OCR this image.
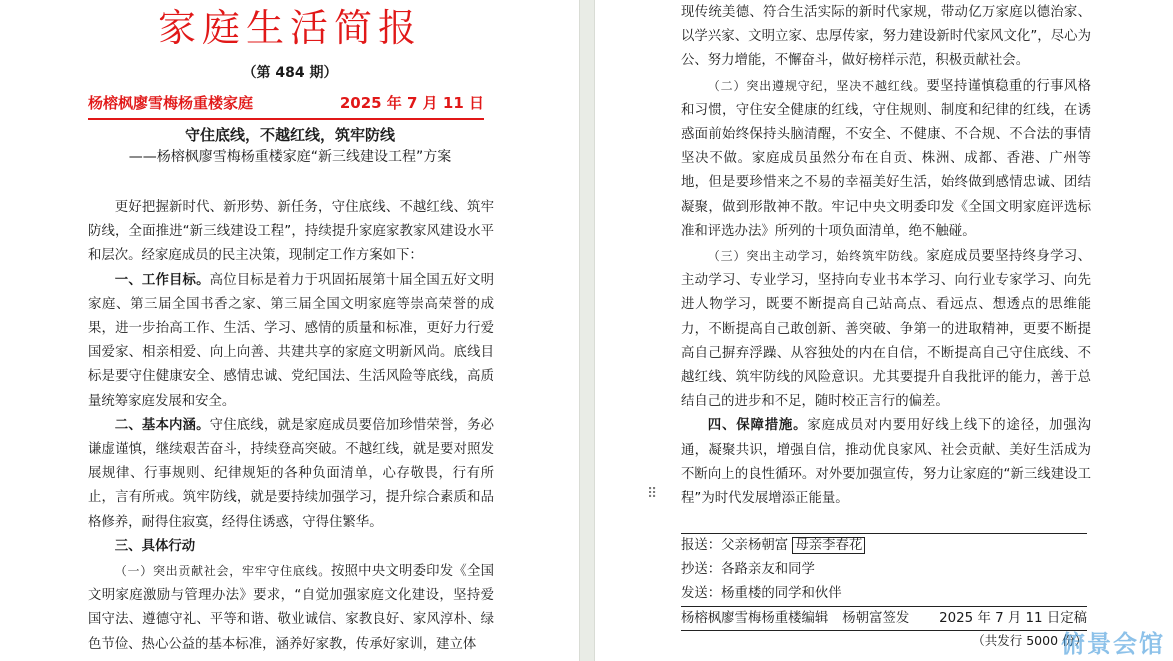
家庭生活简报
（第 484 期）
杨榕枫廖雪梅杨重楼家庭	2025 年 7 月 11 日
守住底线，不越红线，筑牢防线
——杨榕枫廖雪梅杨重楼家庭“新三线建设工程”方案

更好把握新时代、新形势、新任务，守住底线、不越红线、筑牢防线，全面推进“新三线建设工程”，持续提升家庭家教家风建设水平和层次。经家庭成员的民主决策，现制定工作方案如下：

一、工作目标。高位目标是着力于巩固拓展第十届全国五好文明家庭、第三届全国书香之家、第三届全国文明家庭等崇高荣誉的成果，进一步抬高工作、生活、学习、感情的质量和标准，更好力行爱国爱家、相亲相爱、向上向善、共建共享的家庭文明新风尚。底线目标是要守住健康安全、感情忠诚、党纪国法、生活风险等底线，高质量统筹家庭发展和安全。

二、基本内涵。守住底线，就是家庭成员要倍加珍惜荣誉，务必谦虚谨慎，继续艰苦奋斗，持续登高突破。不越红线，就是要对照发展规律、行事规则、纪律规矩的各种负面清单，心存敬畏，行有所止，言有所戒。筑牢防线，就是要持续加强学习，提升综合素质和品格修养，耐得住寂寞，经得住诱惑，守得住繁华。

三、具体行动

（一）突出贡献社会，牢牢守住底线。按照中央文明委印发《全国文明家庭激励与管理办法》要求，“自觉加强家庭文化建设，坚持爱国守法、遵德守礼、平等和谐、敬业诚信、家教良好、家风淳朴、绿色节俭、热心公益的基本标准，涵养好家教，传承好家训，建立体

现传统美德、符合生活实际的新时代家规，带动亿万家庭以德治家、以学兴家、文明立家、忠厚传家，努力建设新时代家风文化”，尽心为公、努力增能，不懈奋斗，做好榜样示范，积极贡献社会。

（二）突出遵规守纪，坚决不越红线。要坚持谨慎稳重的行事风格和习惯，守住安全健康的红线，守住规则、制度和纪律的红线，在诱惑面前始终保持头脑清醒，不安全、不健康、不合规、不合法的事情坚决不做。家庭成员虽然分布在自贡、株洲、成都、香港、广州等地，但是要珍惜来之不易的幸福美好生活，始终做到感情忠诚、团结凝聚，做到形散神不散。牢记中央文明委印发《全国文明家庭评选标准和评选办法》所列的十项负面清单，绝不触碰。

（三）突出主动学习，始终筑牢防线。家庭成员要坚持终身学习、主动学习、专业学习，坚持向专业书本学习、向行业专家学习、向先进人物学习，既要不断提高自己站高点、看远点、想透点的思维能力，不断提高自己敢创新、善突破、争第一的进取精神，更要不断提高自己摒弃浮躁、从容独处的内在自信，不断提高自己守住底线、不越红线、筑牢防线的风险意识。尤其要提升自我批评的能力，善于总结自己的进步和不足，随时校正言行的偏差。

四、保障措施。家庭成员对内要用好线上线下的途径，加强沟通，凝聚共识，增强自信，推动优良家风、社会贡献、美好生活成为不断向上的良性循环。对外要加强宣传，努力让家庭的“新三线建设工程”为时代发展增添正能量。

⠿
报送：父亲杨朝富 母亲李春花
抄送：各路亲友和同学
发送：杨重楼的同学和伙伴
杨榕枫廖雪梅杨重楼编辑 杨朝富签发 2025 年 7 月 11 日定稿
（共发行 5000 份）
俯景会馆
